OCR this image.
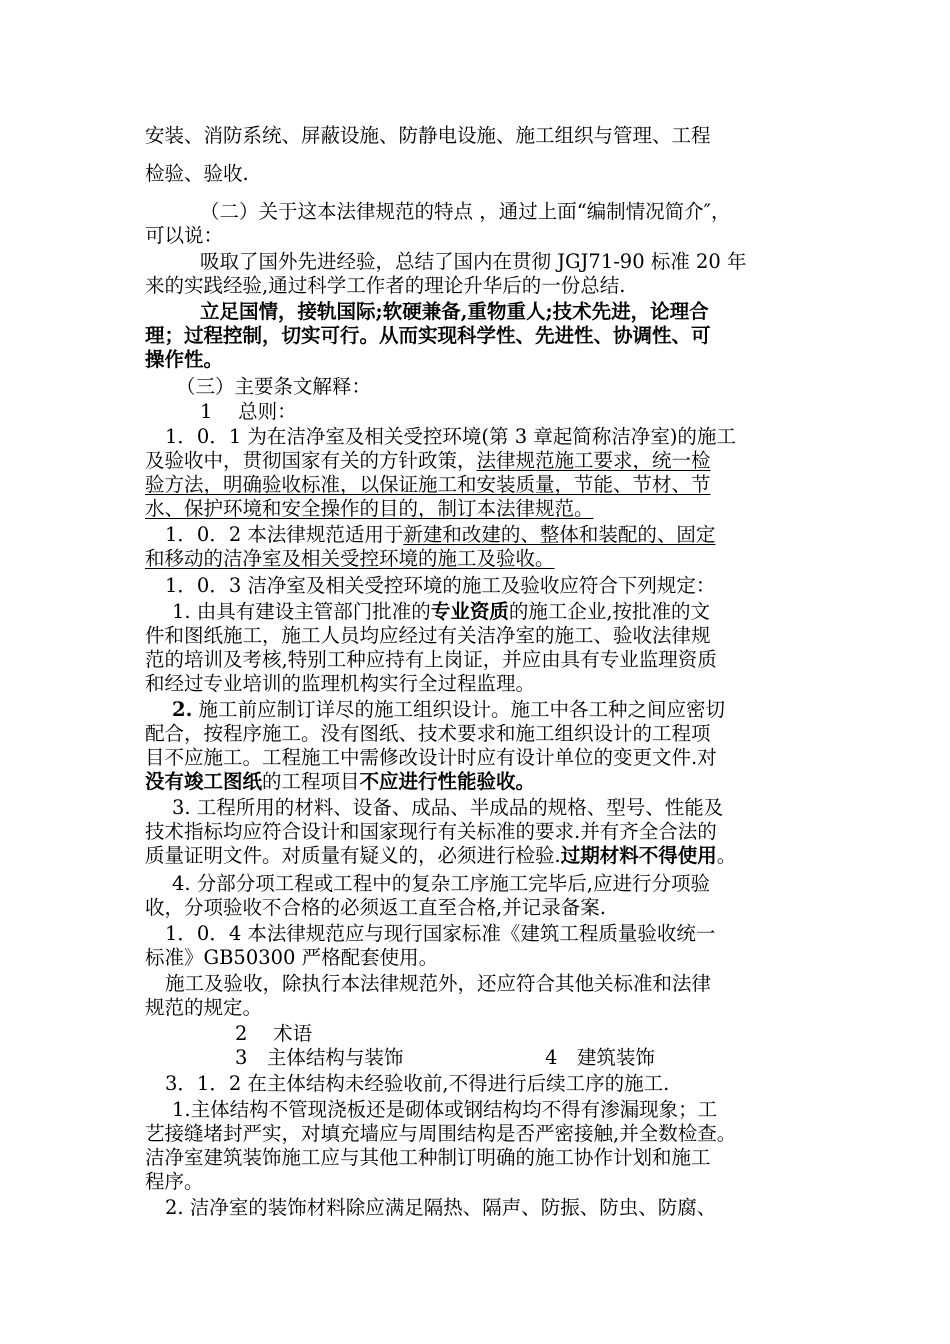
安装、消防系统、屏蔽设施、防静电设施、施工组织与管理、工程
检验、验收.
（二）关于这本法律规范的特点 ，通过上面“编制情况简介″，
可以说：
吸取了国外先进经验，总结了国内在贯彻 JGJ71-90 标准 20 年
来的实践经验,通过科学工作者的理论升华后的一份总结.
立足国情，接轨国际;软硬兼备,重物重人;技术先进，论理合
理；过程控制，切实可行。从而实现科学性、先进性、协调性、可
操作性。
（三）主要条文解释：
1　 总则：
1．0．1 为在洁净室及相关受控环境(第 3 章起简称洁净室)的施工
及验收中，贯彻国家有关的方针政策，法律规范施工要求，统一检
验方法，明确验收标准，以保证施工和安装质量，节能、节材、节
水、保护环境和安全操作的目的，制订本法律规范。
1．0．2 本法律规范适用于新建和改建的、整体和装配的、固定
和移动的洁净室及相关受控环境的施工及验收。
1．0．3 洁净室及相关受控环境的施工及验收应符合下列规定：
1. 由具有建设主管部门批准的专业资质的施工企业,按批准的文
件和图纸施工，施工人员均应经过有关洁净室的施工、验收法律规
范的培训及考核,特别工种应持有上岗证，并应由具有专业监理资质
和经过专业培训的监理机构实行全过程监理。
2. 施工前应制订详尽的施工组织设计。施工中各工种之间应密切
配合，按程序施工。没有图纸、技术要求和施工组织设计的工程项
目不应施工。工程施工中需修改设计时应有设计单位的变更文件.对
没有竣工图纸的工程项目不应进行性能验收。
3. 工程所用的材料、设备、成品、半成品的规格、型号、性能及
技术指标均应符合设计和国家现行有关标准的要求.并有齐全合法的
质量证明文件。对质量有疑义的，必须进行检验.过期材料不得使用。
4. 分部分项工程或工程中的复杂工序施工完毕后,应进行分项验
收，分项验收不合格的必须返工直至合格,并记录备案.
1．0．4 本法律规范应与现行国家标准《建筑工程质量验收统一
标准》GB50300 严格配套使用。
施工及验收，除执行本法律规范外，还应符合其他关标准和法律
规范的规定。
2　 术语
3　主体结构与装饰	4　建筑装饰
3．1．2 在主体结构未经验收前,不得进行后续工序的施工.
1.主体结构不管现浇板还是砌体或钢结构均不得有渗漏现象；工
艺接缝堵封严实，对填充墙应与周围结构是否严密接触,并全数检查。
洁净室建筑装饰施工应与其他工种制订明确的施工协作计划和施工
程序。
2. 洁净室的装饰材料除应满足隔热、隔声、防振、防虫、防腐、
